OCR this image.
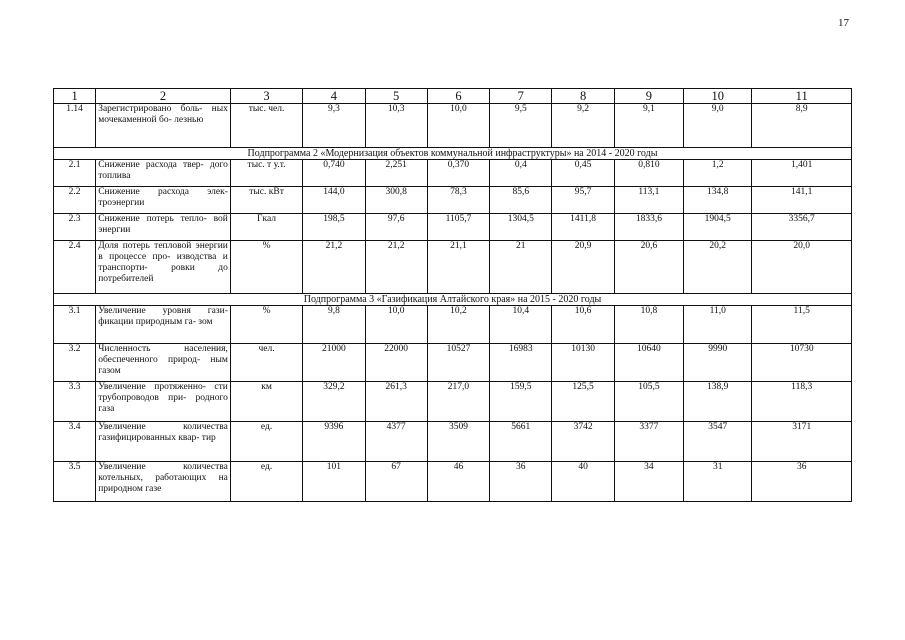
17
1	2	3	4	5	6	7	8	9	10	11
1.14	Зарегистрировано боль- ных мочекаменной бо- лезнью	тыс. чел.	9,3	10,3	10,0	9,5	9,2	9,1	9,0	8,9
Подпрограмма 2 «Модернизация объектов коммунальной инфраструктуры» на 2014 - 2020 годы										
2.1	Снижение расхода твер- дого топлива	тыс. т у.т.	0,740	2,251	0,370	0,4	0,45	0,810	1,2	1,401
2.2	Снижение расхода элек- троэнергии	тыс. кВт	144,0	300,8	78,3	85,6	95,7	113,1	134,8	141,1
2.3	Снижение потерь тепло- вой энергии	Гкал	198,5	97,6	1105,7	1304,5	1411,8	1833,6	1904,5	3356,7
2.4	Доля потерь тепловой энергии в процессе про- изводства и транспорти- ровки до потребителей	%	21,2	21,2	21,1	21	20,9	20,6	20,2	20,0
Подпрограмма 3 «Газификация Алтайского края» на 2015 - 2020 годы										
3.1	Увеличение уровня гази- фикации природным га- зом	%	9,8	10,0	10,2	10,4	10,6	10,8	11,0	11,5
3.2	Численность населения, обеспеченного природ- ным газом	чел.	21000	22000	10527	16983	10130	10640	9990	10730
3.3	Увеличение протяженно- сти трубопроводов при- родного газа	км	329,2	261,3	217,0	159,5	125,5	105,5	138,9	118,3
3.4	Увеличение количества газифицированных квар- тир	ед.	9396	4377	3509	5661	3742	3377	3547	3171
3.5	Увеличение количества котельных, работающих на природном газе	ед.	101	67	46	36	40	34	31	36
